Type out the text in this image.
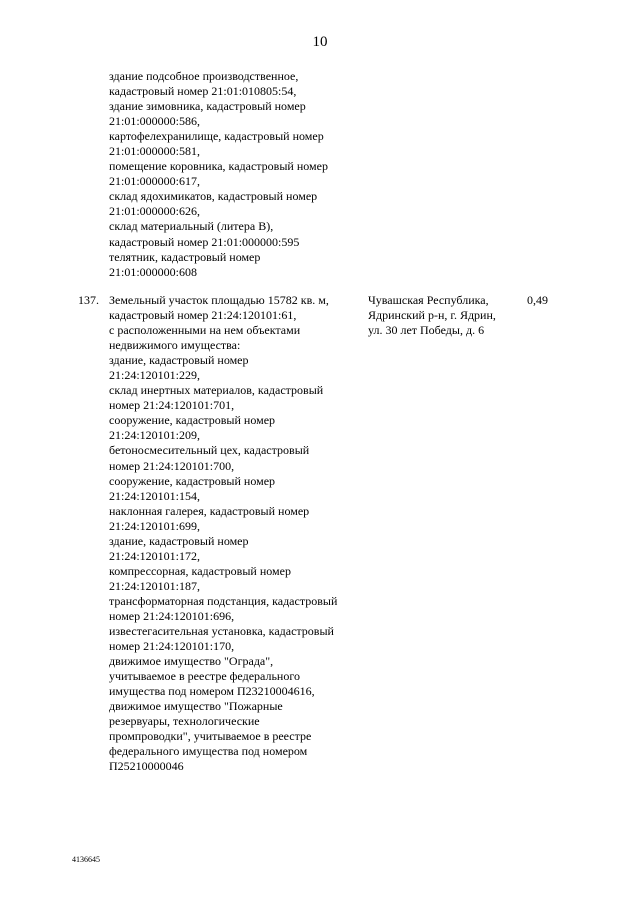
10
здание подсобное производственное,
кадастровый номер 21:01:010805:54,
здание зимовника, кадастровый номер
21:01:000000:586,
картофелехранилище, кадастровый номер
21:01:000000:581,
помещение коровника, кадастровый номер
21:01:000000:617,
склад ядохимикатов, кадастровый номер
21:01:000000:626,
склад материальный (литера В),
кадастровый номер 21:01:000000:595
телятник, кадастровый номер
21:01:000000:608
137. Земельный участок площадью 15782 кв. м,
кадастровый номер 21:24:120101:61,
с расположенными на нем объектами
недвижимого имущества:
здание, кадастровый номер
21:24:120101:229,
склад инертных материалов, кадастровый
номер 21:24:120101:701,
сооружение, кадастровый номер
21:24:120101:209,
бетоносмесительный цех, кадастровый
номер 21:24:120101:700,
сооружение, кадастровый номер
21:24:120101:154,
наклонная галерея, кадастровый номер
21:24:120101:699,
здание, кадастровый номер
21:24:120101:172,
компрессорная, кадастровый номер
21:24:120101:187,
трансформаторная подстанция, кадастровый
номер 21:24:120101:696,
известегасительная установка, кадастровый
номер 21:24:120101:170,
движимое имущество "Ограда",
учитываемое в реестре федерального
имущества под номером П23210004616,
движимое имущество "Пожарные
резервуары, технологические
промпроводки", учитываемое в реестре
федерального имущества под номером
П25210000046
Чувашская Республика,
Ядринский р-н, г. Ядрин,
ул. 30 лет Победы, д. 6
0,49
4136645
